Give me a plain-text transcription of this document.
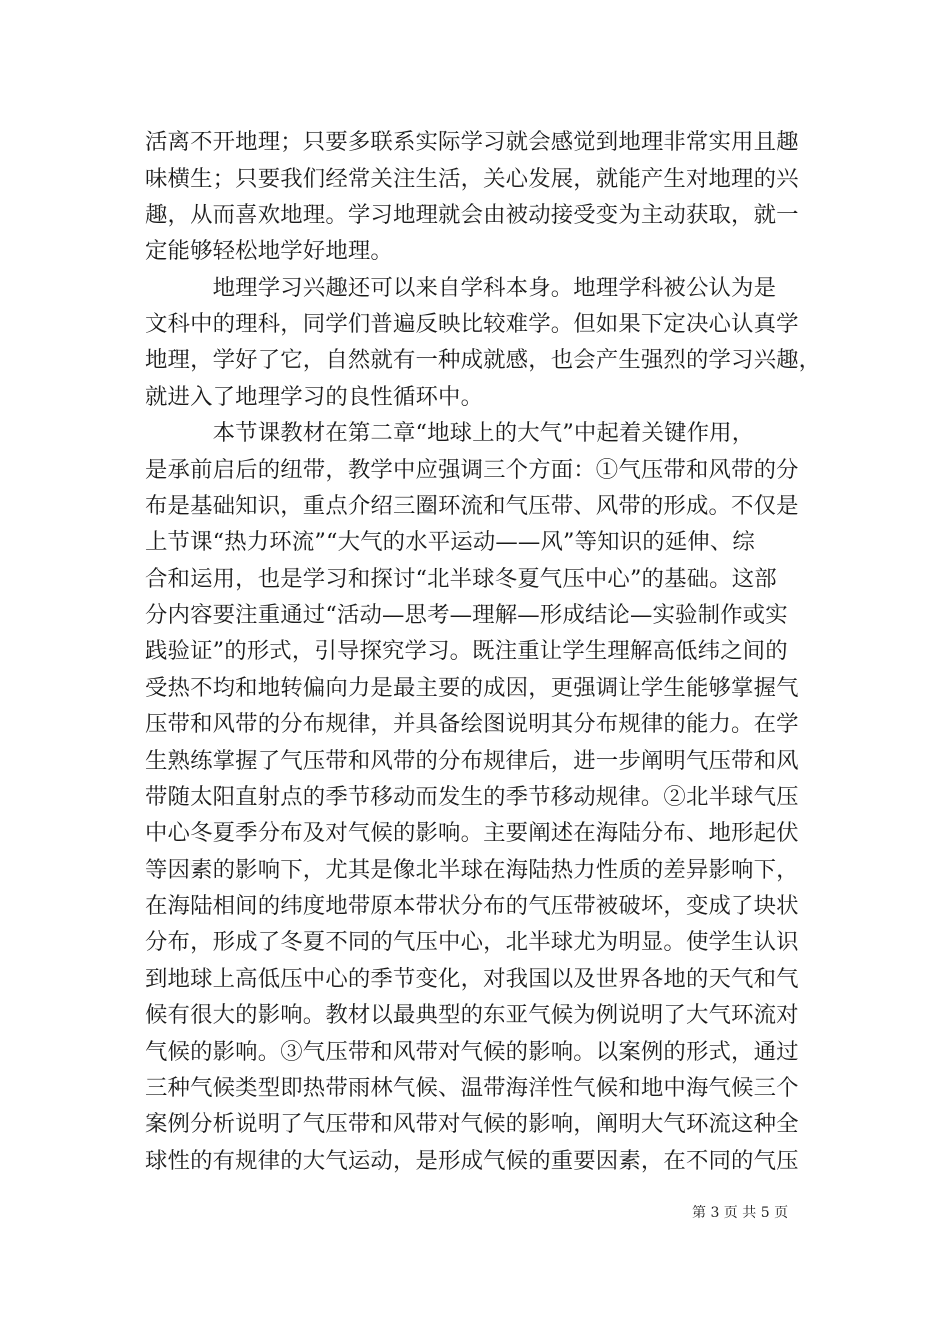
活离不开地理；只要多联系实际学习就会感觉到地理非常实用且趣
味横生；只要我们经常关注生活，关心发展，就能产生对地理的兴
趣，从而喜欢地理。学习地理就会由被动接受变为主动获取，就一
定能够轻松地学好地理。
　　　地理学习兴趣还可以来自学科本身。地理学科被公认为是
文科中的理科，同学们普遍反映比较难学。但如果下定决心认真学
地理，学好了它，自然就有一种成就感，也会产生强烈的学习兴趣，
就进入了地理学习的良性循环中。
　　　本节课教材在第二章“地球上的大气”中起着关键作用，
是承前启后的纽带，教学中应强调三个方面：①气压带和风带的分
布是基础知识，重点介绍三圈环流和气压带、风带的形成。不仅是
上节课“热力环流”“大气的水平运动——风”等知识的延伸、综
合和运用，也是学习和探讨“北半球冬夏气压中心”的基础。这部
分内容要注重通过“活动—思考—理解—形成结论—实验制作或实
践验证”的形式，引导探究学习。既注重让学生理解高低纬之间的
受热不均和地转偏向力是最主要的成因，更强调让学生能够掌握气
压带和风带的分布规律，并具备绘图说明其分布规律的能力。在学
生熟练掌握了气压带和风带的分布规律后，进一步阐明气压带和风
带随太阳直射点的季节移动而发生的季节移动规律。②北半球气压
中心冬夏季分布及对气候的影响。主要阐述在海陆分布、地形起伏
等因素的影响下，尤其是像北半球在海陆热力性质的差异影响下，
在海陆相间的纬度地带原本带状分布的气压带被破坏，变成了块状
分布，形成了冬夏不同的气压中心，北半球尤为明显。使学生认识
到地球上高低压中心的季节变化，对我国以及世界各地的天气和气
候有很大的影响。教材以最典型的东亚气候为例说明了大气环流对
气候的影响。③气压带和风带对气候的影响。以案例的形式，通过
三种气候类型即热带雨林气候、温带海洋性气候和地中海气候三个
案例分析说明了气压带和风带对气候的影响，阐明大气环流这种全
球性的有规律的大气运动，是形成气候的重要因素，在不同的气压
第 3 页 共 5 页
